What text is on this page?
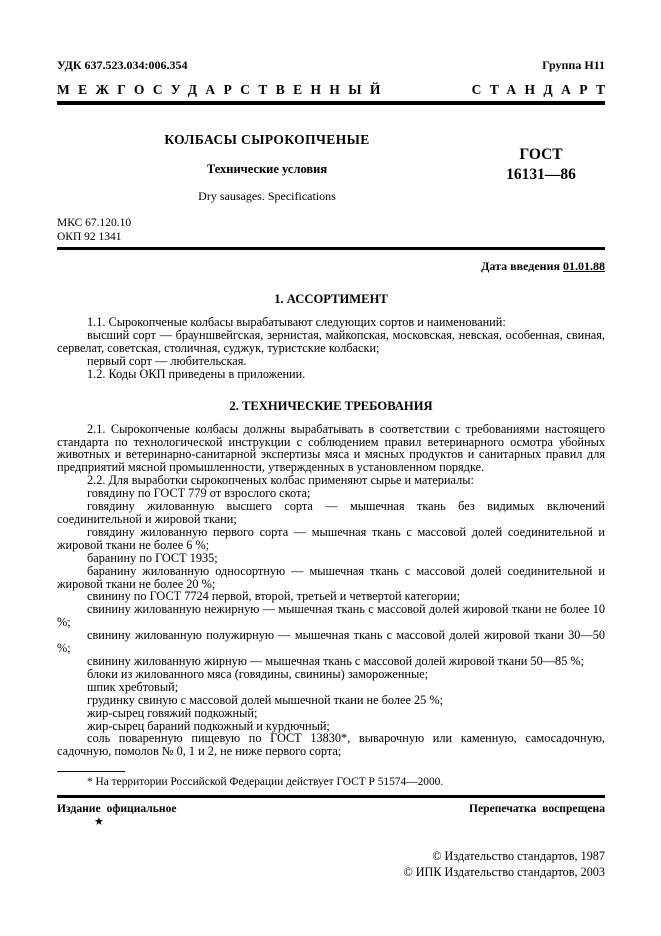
УДК 637.523.034:006.354	Группа Н11
МЕЖГОСУДАРСТВЕННЫЙ	СТАНДАРТ
КОЛБАСЫ СЫРОКОПЧЕНЫЕ
Технические условия
Dry sausages. Specifications
ГОСТ
16131—86
МКС 67.120.10
ОКП 92 1341
Дата введения 01.01.88
1. АССОРТИМЕНТ

1.1. Сырокопченые колбасы вырабатывают следующих сортов и наименований:

высший сорт — брауншвейгская, зернистая, майкопская, московская, невская, особенная, свиная, сервелат, советская, столичная, суджук, туристские колбаски;

первый сорт — любительская.

1.2. Коды ОКП приведены в приложении.

2. ТЕХНИЧЕСКИЕ ТРЕБОВАНИЯ

2.1. Сырокопченые колбасы должны вырабатывать в соответствии с требованиями настоящего стандарта по технологической инструкции с соблюдением правил ветеринарного осмотра убойных животных и ветеринарно-санитарной экспертизы мяса и мясных продуктов и санитарных правил для предприятий мясной промышленности, утвержденных в установленном порядке.

2.2. Для выработки сырокопченых колбас применяют сырье и материалы:

говядину по ГОСТ 779 от взрослого скота;

говядину жилованную высшего сорта — мышечная ткань без видимых включений соединительной и жировой ткани;

говядину жилованную первого сорта — мышечная ткань с массовой долей соединительной и жировой ткани не более 6 %;

баранину по ГОСТ 1935;

баранину жилованную односортную — мышечная ткань с массовой долей соединительной и жировой ткани не более 20 %;

свинину по ГОСТ 7724 первой, второй, третьей и четвертой категории;

свинину жилованную нежирную — мышечная ткань с массовой долей жировой ткани не более 10 %;

свинину жилованную полужирную — мышечная ткань с массовой долей жировой ткани 30—50 %;

свинину жилованную жирную — мышечная ткань с массовой долей жировой ткани 50—85 %;

блоки из жилованного мяса (говядины, свинины) замороженные;

шпик хребтовый;

грудинку свиную с массовой долей мышечной ткани не более 25 %;

жир-сырец говяжий подкожный;

жир-сырец бараний подкожный и курдючный;

соль поваренную пищевую по ГОСТ 13830*, выварочную или каменную, самосадочную, садочную, помолов № 0, 1 и 2, не ниже первого сорта;

* На территории Российской Федерации действует ГОСТ Р 51574—2000.

Издание официальное	Перепечатка воспрещена
★
© Издательство стандартов, 1987
© ИПК Издательство стандартов, 2003
